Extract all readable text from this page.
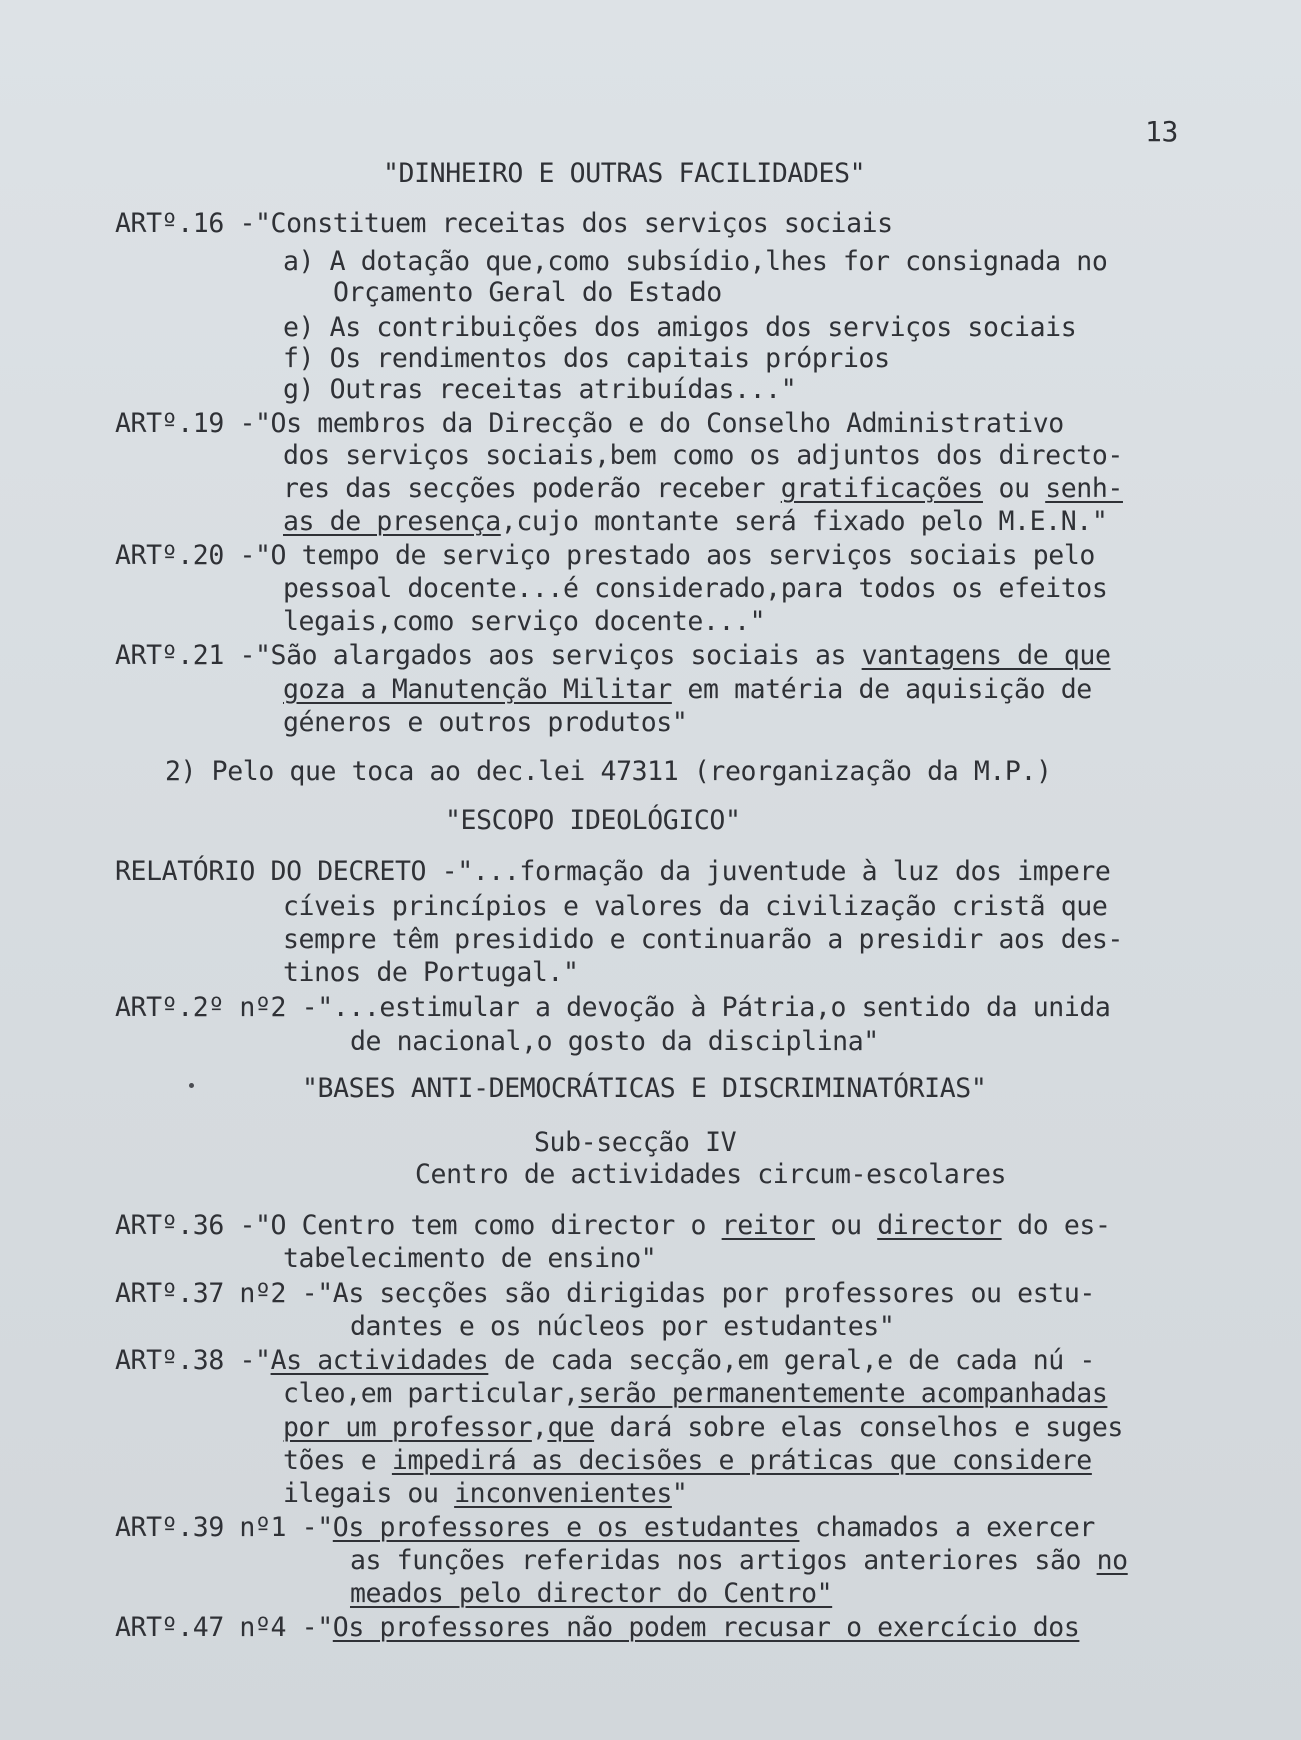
13
"DINHEIRO E OUTRAS FACILIDADES"
ARTº.16 -"Constituem receitas dos serviços sociais
a) A dotação que,como subsídio,lhes for consignada no
Orçamento Geral do Estado
e) As contribuições dos amigos dos serviços sociais
f) Os rendimentos dos capitais próprios
g) Outras receitas atribuídas..."
ARTº.19 -"Os membros da Direcção e do Conselho Administrativo
dos serviços sociais,bem como os adjuntos dos directo-
res das secções poderão receber gratificações ou senh-
as de presença,cujo montante será fixado pelo M.E.N."
ARTº.20 -"O tempo de serviço prestado aos serviços sociais pelo
pessoal docente...é considerado,para todos os efeitos
legais,como serviço docente..."
ARTº.21 -"São alargados aos serviços sociais as vantagens de que
goza a Manutenção Militar em matéria de aquisição de
géneros e outros produtos"
2) Pelo que toca ao dec.lei 47311 (reorganização da M.P.)
"ESCOPO IDEOLÓGICO"
RELATÓRIO DO DECRETO -"...formação da juventude à luz dos impere
cíveis princípios e valores da civilização cristã que
sempre têm presidido e continuarão a presidir aos des-
tinos de Portugal."
ARTº.2º nº2 -"...estimular a devoção à Pátria,o sentido da unida
de nacional,o gosto da disciplina"
"BASES ANTI-DEMOCRÁTICAS E DISCRIMINATÓRIAS"
Sub-secção IV
Centro de actividades circum-escolares
ARTº.36 -"O Centro tem como director o reitor ou director do es-
tabelecimento de ensino"
ARTº.37 nº2 -"As secções são dirigidas por professores ou estu-
dantes e os núcleos por estudantes"
ARTº.38 -"As actividades de cada secção,em geral,e de cada nú -
cleo,em particular,serão permanentemente acompanhadas
por um professor,que dará sobre elas conselhos e suges
tões e impedirá as decisões e práticas que considere
ilegais ou inconvenientes"
ARTº.39 nº1 -"Os professores e os estudantes chamados a exercer
as funções referidas nos artigos anteriores são no
meados pelo director do Centro"
ARTº.47 nº4 -"Os professores não podem recusar o exercício dos
